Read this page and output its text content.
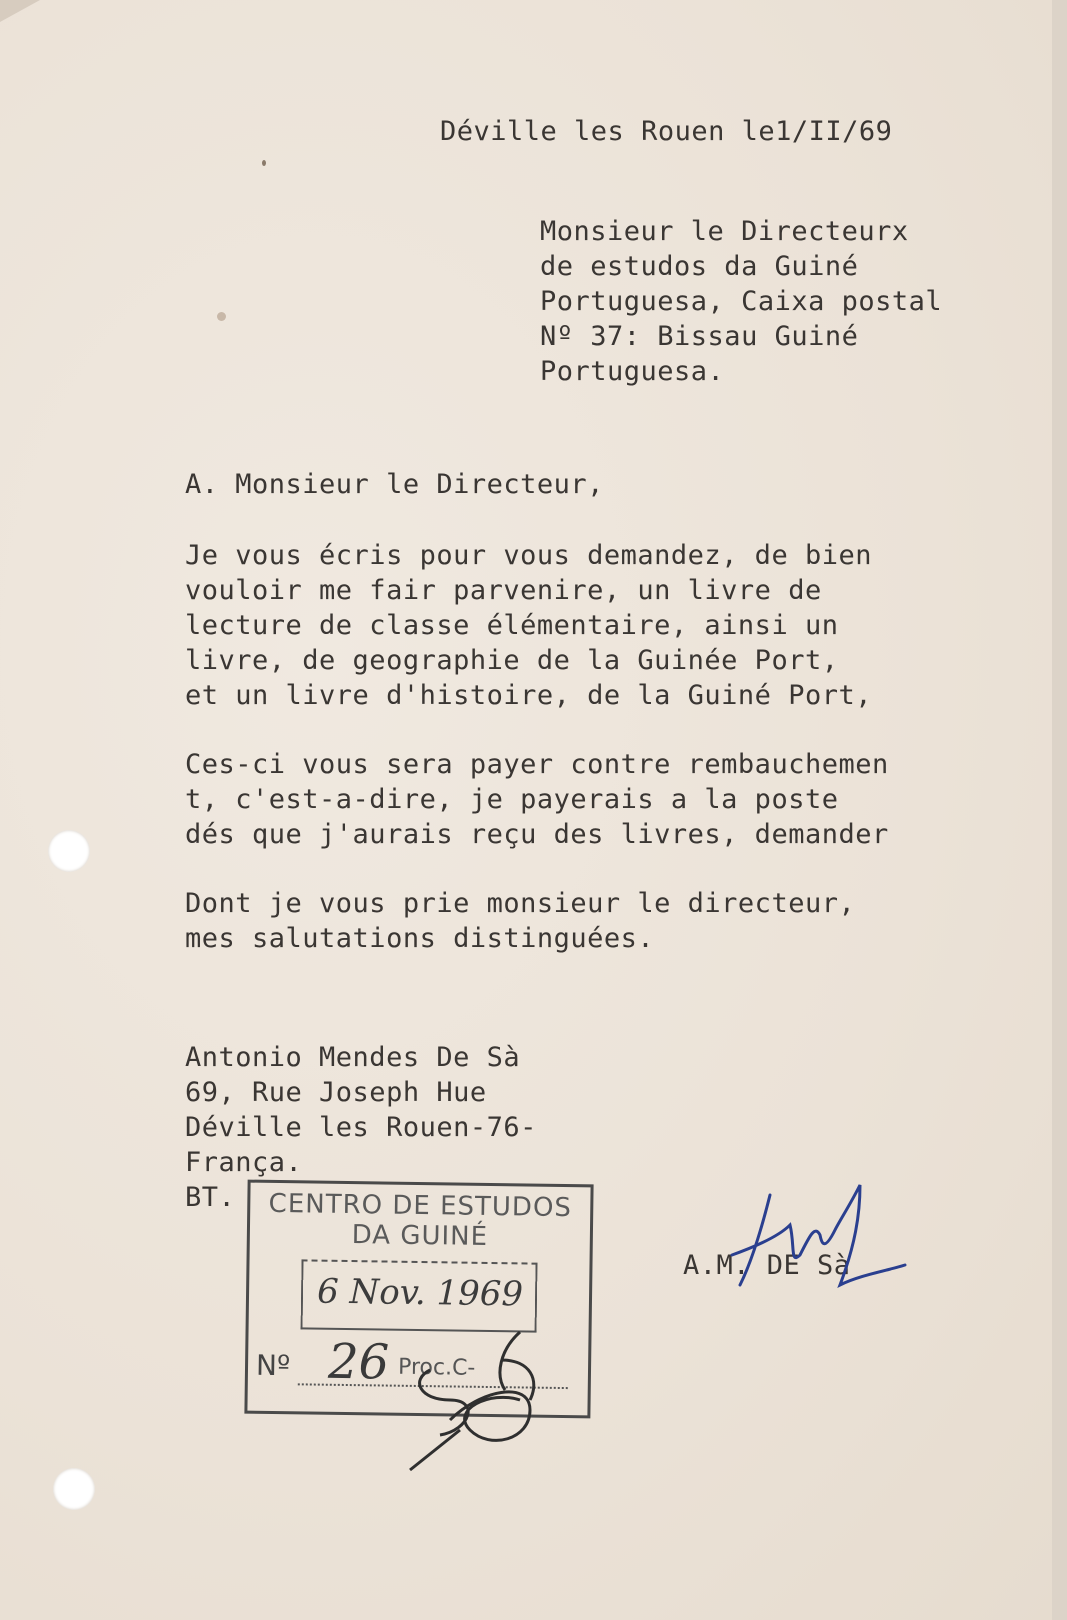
Déville les Rouen le1/II/69
Monsieur le Directeurx
de estudos da Guiné
Portuguesa, Caixa postal
Nº 37: Bissau Guiné
Portuguesa.
A. Monsieur le Directeur,
Je vous écris pour vous demandez, de bien
vouloir me fair parvenire, un livre de
lecture de classe élémentaire, ainsi un
livre, de geographie de la Guinée Port,
et un livre d'histoire, de la Guiné Port,
Ces-ci vous sera payer contre rembauchemen
t, c'est-a-dire, je payerais a la poste
dés que j'aurais reçu des livres, demander
Dont je vous prie monsieur le directeur,
mes salutations distinguées.
Antonio Mendes De Sà
69, Rue Joseph Hue
Déville les Rouen-76-
França.
BT.	CENTRO DE ESTUDOS DA GUINÉ
6 Nov. 1969
Nº 26 Proc.C-
A.M. DE Sà
